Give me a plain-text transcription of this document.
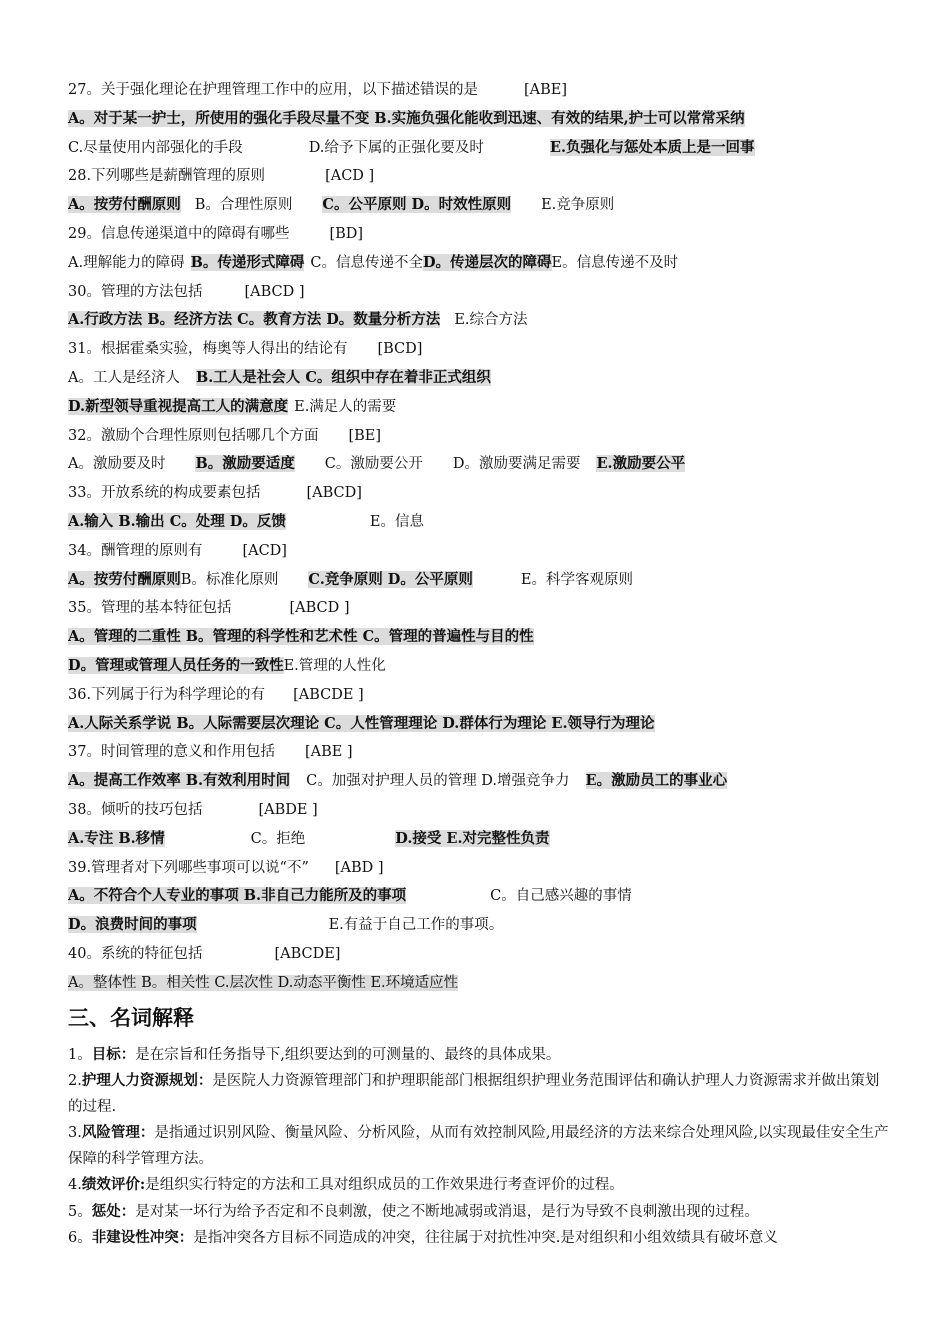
27。关于强化理论在护理管理工作中的应用，以下描述错误的是	[ABE]
A。对于某一护士，所使用的强化手段尽量不变 B.实施负强化能收到迅速、有效的结果,护士可以常常采纳
C.尽量使用内部强化的手段	D.给予下属的正强化要及时	E.负强化与惩处本质上是一回事
28.下列哪些是薪酬管理的原则	[ACD ]
A。按劳付酬原则 B。合理性原则 C。公平原则 D。时效性原则 E.竞争原则
29。信息传递渠道中的障碍有哪些	[BD]
A.理解能力的障碍 B。传递形式障碍 C。信息传递不全D。传递层次的障碍E。信息传递不及时
30。管理的方法包括	[ABCD ]
A.行政方法 B。经济方法 C。教育方法 D。数量分析方法 E.综合方法
31。根据霍桑实验，梅奥等人得出的结论有 [BCD]
A。工人是经济人 B.工人是社会人 C。组织中存在着非正式组织
D.新型领导重视提高工人的满意度 E.满足人的需要
32。激励个合理性原则包括哪几个方面 [BE]
A。激励要及时 B。激励要适度 C。激励要公开 D。激励要满足需要 E.激励要公平
33。开放系统的构成要素包括	[ABCD]
A.输入 B.输出 C。处理 D。反馈	E。信息
34。酬管理的原则有	[ACD]
A。按劳付酬原则B。标准化原则 C.竞争原则 D。公平原则	E。科学客观原则
35。管理的基本特征包括	[ABCD ]
A。管理的二重性 B。管理的科学性和艺术性 C。管理的普遍性与目的性
D。管理或管理人员任务的一致性E.管理的人性化
36.下列属于行为科学理论的有 [ABCDE ]
A.人际关系学说 B。人际需要层次理论 C。人性管理理论 D.群体行为理论 E.领导行为理论
37。时间管理的意义和作用包括 [ABE ]
A。提高工作效率 B.有效利用时间 C。加强对护理人员的管理 D.增强竞争力 E。激励员工的事业心
38。倾听的技巧包括	[ABDE ]
A.专注 B.移情	C。拒绝	D.接受 E.对完整性负责
39.管理者对下列哪些事项可以说“不” [ABD ]
A。不符合个人专业的事项 B.非自己力能所及的事项	C。自己感兴趣的事情
D。浪费时间的事项	E.有益于自己工作的事项。
40。系统的特征包括	[ABCDE]
A。整体性 B。相关性 C.层次性 D.动态平衡性 E.环境适应性
三、名词解释
1。目标：是在宗旨和任务指导下,组织要达到的可测量的、最终的具体成果。
2.护理人力资源规划：是医院人力资源管理部门和护理职能部门根据组织护理业务范围评估和确认护理人力资源需求并做出策划的过程.
3.风险管理：是指通过识别风险、衡量风险、分析风险，从而有效控制风险,用最经济的方法来综合处理风险,以实现最佳安全生产保障的科学管理方法。
4.绩效评价:是组织实行特定的方法和工具对组织成员的工作效果进行考查评价的过程。
5。惩处：是对某一坏行为给予否定和不良刺激，使之不断地减弱或消退，是行为导致不良刺激出现的过程。
6。非建设性冲突：是指冲突各方目标不同造成的冲突，往往属于对抗性冲突.是对组织和小组效绩具有破坏意义
